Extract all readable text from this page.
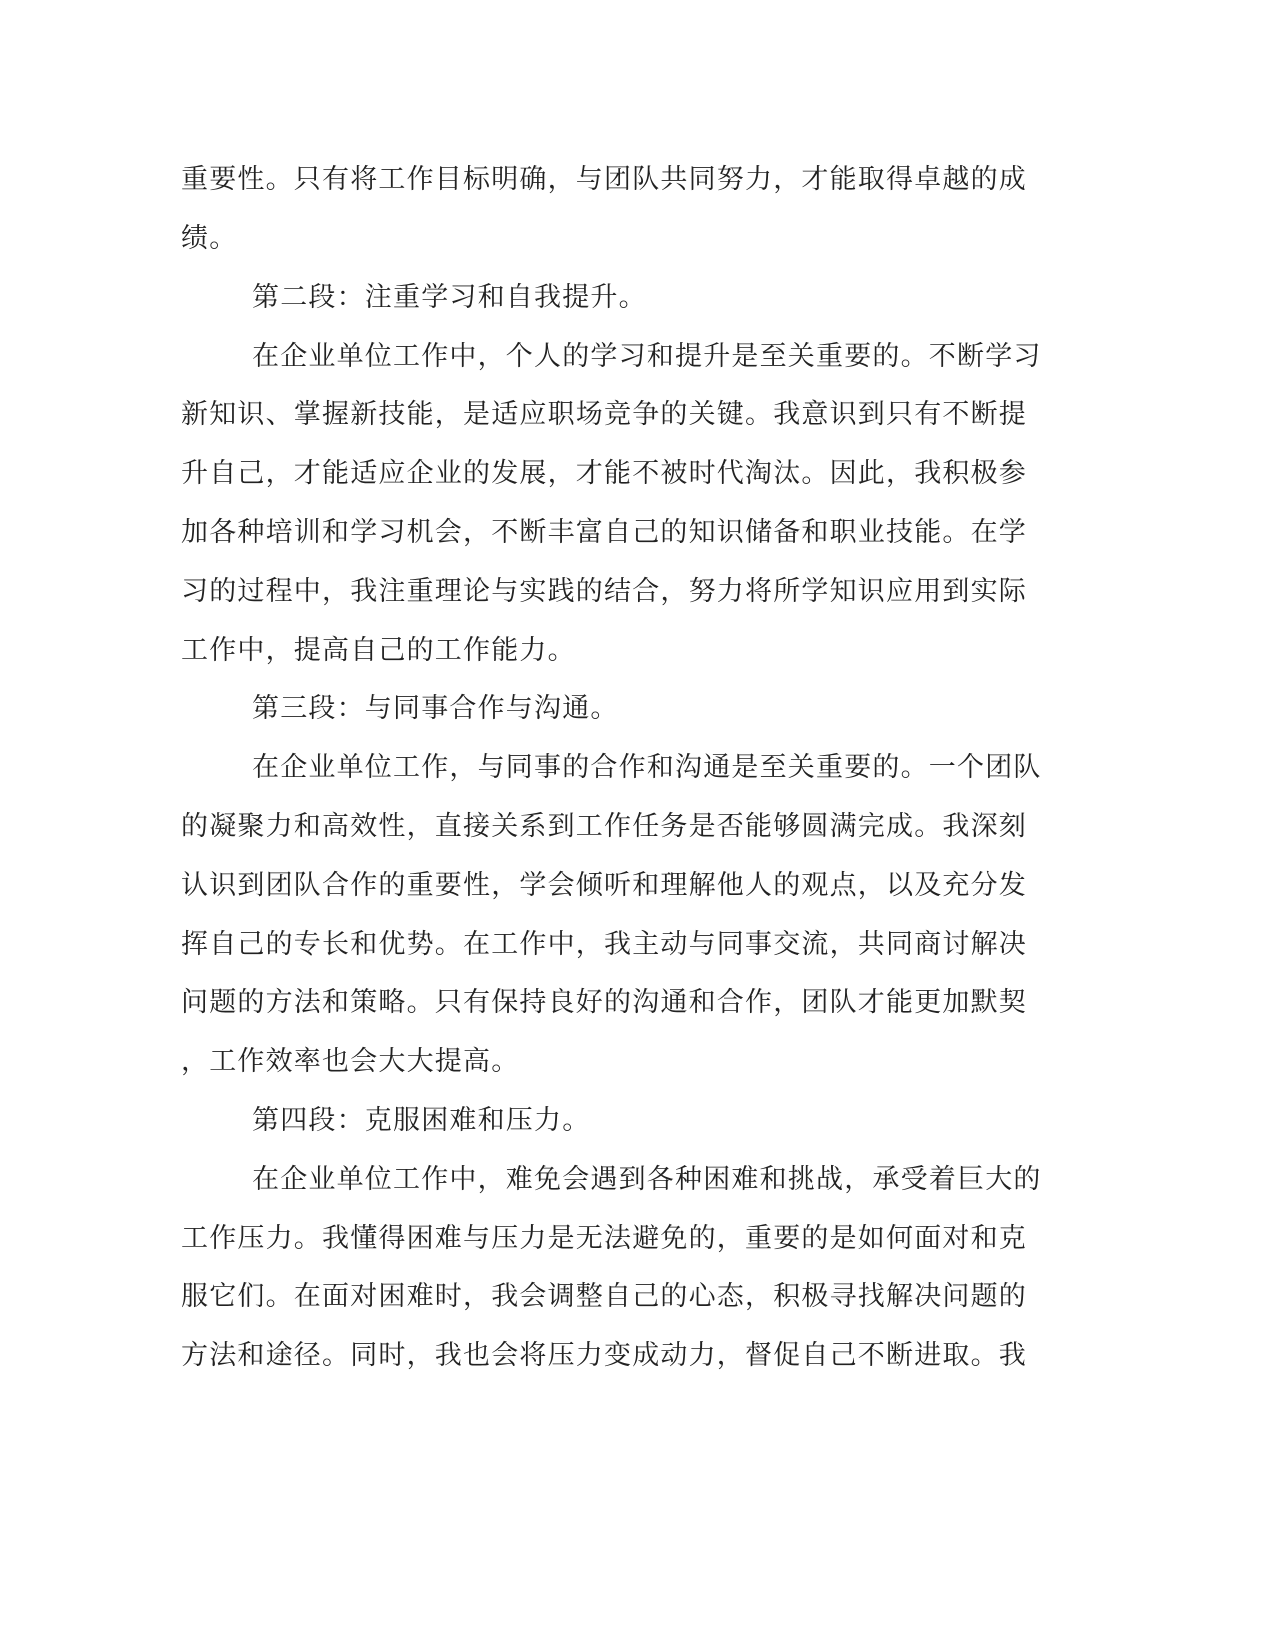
重要性。只有将工作目标明确，与团队共同努力，才能取得卓越的成
绩。
第二段：注重学习和自我提升。
在企业单位工作中，个人的学习和提升是至关重要的。不断学习
新知识、掌握新技能，是适应职场竞争的关键。我意识到只有不断提
升自己，才能适应企业的发展，才能不被时代淘汰。因此，我积极参
加各种培训和学习机会，不断丰富自己的知识储备和职业技能。在学
习的过程中，我注重理论与实践的结合，努力将所学知识应用到实际
工作中，提高自己的工作能力。
第三段：与同事合作与沟通。
在企业单位工作，与同事的合作和沟通是至关重要的。一个团队
的凝聚力和高效性，直接关系到工作任务是否能够圆满完成。我深刻
认识到团队合作的重要性，学会倾听和理解他人的观点，以及充分发
挥自己的专长和优势。在工作中，我主动与同事交流，共同商讨解决
问题的方法和策略。只有保持良好的沟通和合作，团队才能更加默契
，工作效率也会大大提高。
第四段：克服困难和压力。
在企业单位工作中，难免会遇到各种困难和挑战，承受着巨大的
工作压力。我懂得困难与压力是无法避免的，重要的是如何面对和克
服它们。在面对困难时，我会调整自己的心态，积极寻找解决问题的
方法和途径。同时，我也会将压力变成动力，督促自己不断进取。我
